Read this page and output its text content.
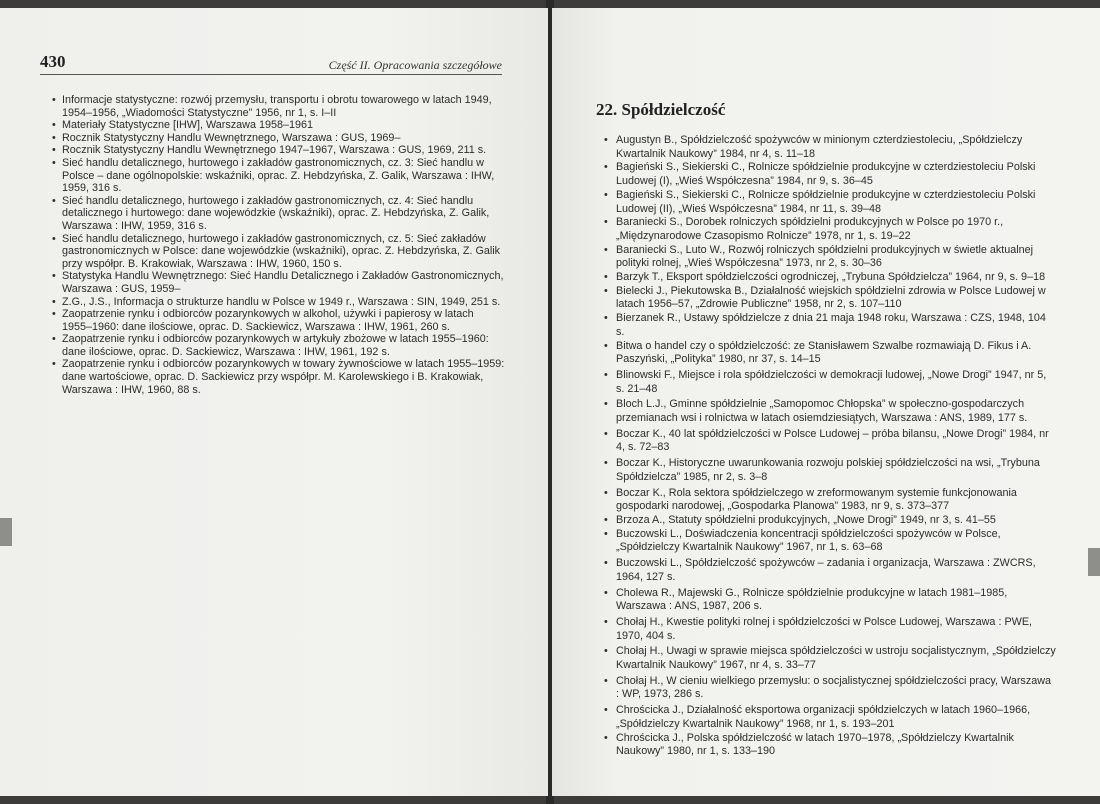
430	Część II. Opracowania szczegółowe
• Informacje statystyczne: rozwój przemysłu, transportu i obrotu towarowego w latach 1949, 1954–1956, „Wiadomości Statystyczne” 1956, nr 1, s. I–II
• Materiały Statystyczne [IHW], Warszawa 1958–1961
• Rocznik Statystyczny Handlu Wewnętrznego, Warszawa : GUS, 1969–
• Rocznik Statystyczny Handlu Wewnętrznego 1947–1967, Warszawa : GUS, 1969, 211 s.
• Sieć handlu detalicznego, hurtowego i zakładów gastronomicznych, cz. 3: Sieć handlu w Polsce – dane ogólnopolskie: wskaźniki, oprac. Z. Hebdzyńska, Z. Galik, Warszawa : IHW, 1959, 316 s.
• Sieć handlu detalicznego, hurtowego i zakładów gastronomicznych, cz. 4: Sieć handlu detalicznego i hurtowego: dane wojewódzkie (wskaźniki), oprac. Z. Hebdzyńska, Z. Galik, Warszawa : IHW, 1959, 316 s.
• Sieć handlu detalicznego, hurtowego i zakładów gastronomicznych, cz. 5: Sieć zakładów gastronomicznych w Polsce: dane wojewódzkie (wskaźniki), oprac. Z. Hebdzyńska, Z. Galik przy współpr. B. Krakowiak, Warszawa : IHW, 1960, 150 s.
• Statystyka Handlu Wewnętrznego: Sieć Handlu Detalicznego i Zakładów Gastronomicznych, Warszawa : GUS, 1959–
• Z.G., J.S., Informacja o strukturze handlu w Polsce w 1949 r., Warszawa : SIN, 1949, 251 s.
• Zaopatrzenie rynku i odbiorców pozarynkowych w alkohol, używki i papierosy w latach 1955–1960: dane ilościowe, oprac. D. Sackiewicz, Warszawa : IHW, 1961, 260 s.
• Zaopatrzenie rynku i odbiorców pozarynkowych w artykuły zbożowe w latach 1955–1960: dane ilościowe, oprac. D. Sackiewicz, Warszawa : IHW, 1961, 192 s.
• Zaopatrzenie rynku i odbiorców pozarynkowych w towary żywnościowe w latach 1955–1959: dane wartościowe, oprac. D. Sackiewicz przy współpr. M. Karolewskiego i B. Krakowiak, Warszawa : IHW, 1960, 88 s.
22. Spółdzielczość
• Augustyn B., Spółdzielczość spożywców w minionym czterdziestoleciu, „Spółdzielczy Kwartalnik Naukowy” 1984, nr 4, s. 11–18
• Bagieński S., Siekierski C., Rolnicze spółdzielnie produkcyjne w czterdziestoleciu Polski Ludowej (I), „Wieś Współczesna” 1984, nr 9, s. 36–45
• Bagieński S., Siekierski C., Rolnicze spółdzielnie produkcyjne w czterdziestoleciu Polski Ludowej (II), „Wieś Współczesna” 1984, nr 11, s. 39–48
• Baraniecki S., Dorobek rolniczych spółdzielni produkcyjnych w Polsce po 1970 r., „Międzynarodowe Czasopismo Rolnicze” 1978, nr 1, s. 19–22
• Baraniecki S., Luto W., Rozwój rolniczych spółdzielni produkcyjnych w świetle aktualnej polityki rolnej, „Wieś Współczesna” 1973, nr 2, s. 30–36
• Barzyk T., Eksport spółdzielczości ogrodniczej, „Trybuna Spółdzielcza” 1964, nr 9, s. 9–18
• Bielecki J., Piekutowska B., Działalność wiejskich spółdzielni zdrowia w Polsce Ludowej w latach 1956–57, „Zdrowie Publiczne” 1958, nr 2, s. 107–110
• Bierzanek R., Ustawy spółdzielcze z dnia 21 maja 1948 roku, Warszawa : CZS, 1948, 104 s.
• Bitwa o handel czy o spółdzielczość: ze Stanisławem Szwalbe rozmawiają D. Fikus i A. Paszyński, „Polityka” 1980, nr 37, s. 14–15
• Blinowski F., Miejsce i rola spółdzielczości w demokracji ludowej, „Nowe Drogi” 1947, nr 5, s. 21–48
• Bloch L.J., Gminne spółdzielnie „Samopomoc Chłopska” w społeczno-gospodarczych przemianach wsi i rolnictwa w latach osiemdziesiątych, Warszawa : ANS, 1989, 177 s.
• Boczar K., 40 lat spółdzielczości w Polsce Ludowej – próba bilansu, „Nowe Drogi” 1984, nr 4, s. 72–83
• Boczar K., Historyczne uwarunkowania rozwoju polskiej spółdzielczości na wsi, „Trybuna Spółdzielcza” 1985, nr 2, s. 3–8
• Boczar K., Rola sektora spółdzielczego w zreformowanym systemie funkcjonowania gospodarki narodowej, „Gospodarka Planowa” 1983, nr 9, s. 373–377
• Brzoza A., Statuty spółdzielni produkcyjnych, „Nowe Drogi” 1949, nr 3, s. 41–55
• Buczowski L., Doświadczenia koncentracji spółdzielczości spożywców w Polsce, „Spółdzielczy Kwartalnik Naukowy” 1967, nr 1, s. 63–68
• Buczowski L., Spółdzielczość spożywców – zadania i organizacja, Warszawa : ZWCRS, 1964, 127 s.
• Cholewa R., Majewski G., Rolnicze spółdzielnie produkcyjne w latach 1981–1985, Warszawa : ANS, 1987, 206 s.
• Chołaj H., Kwestie polityki rolnej i spółdzielczości w Polsce Ludowej, Warszawa : PWE, 1970, 404 s.
• Chołaj H., Uwagi w sprawie miejsca spółdzielczości w ustroju socjalistycznym, „Spółdzielczy Kwartalnik Naukowy” 1967, nr 4, s. 33–77
• Chołaj H., W cieniu wielkiego przemysłu: o socjalistycznej spółdzielczości pracy, Warszawa : WP, 1973, 286 s.
• Chrościcka J., Działalność eksportowa organizacji spółdzielczych w latach 1960–1966, „Spółdzielczy Kwartalnik Naukowy” 1968, nr 1, s. 193–201
• Chrościcka J., Polska spółdzielczość w latach 1970–1978, „Spółdzielczy Kwartalnik Naukowy” 1980, nr 1, s. 133–190
